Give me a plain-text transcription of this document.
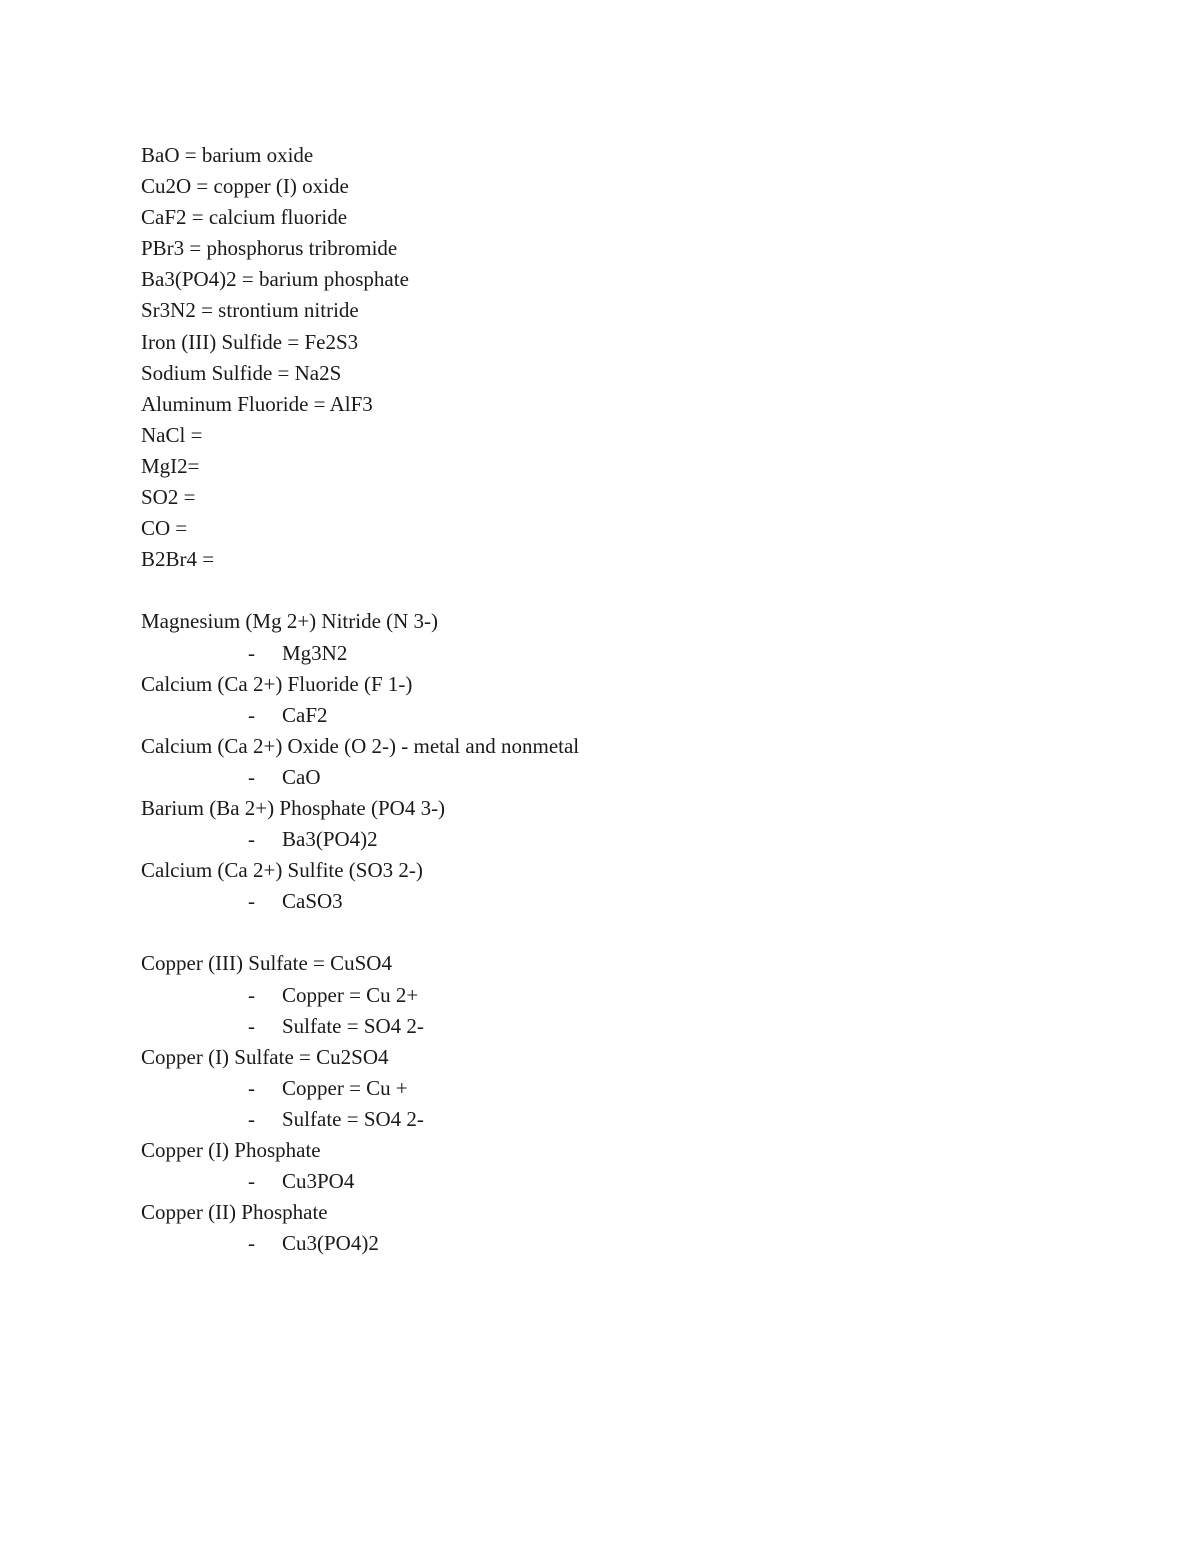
BaO = barium oxide
Cu2O = copper (I) oxide
CaF2 = calcium fluoride
PBr3 = phosphorus tribromide
Ba3(PO4)2 = barium phosphate
Sr3N2 = strontium nitride
Iron (III) Sulfide = Fe2S3
Sodium Sulfide = Na2S
Aluminum Fluoride = AlF3
NaCl =
MgI2=
SO2 =
CO =
B2Br4 =
Magnesium (Mg 2+) Nitride (N 3-)

-

Mg3N2

Calcium (Ca 2+) Fluoride (F 1-)

-

CaF2

Calcium (Ca 2+) Oxide (O 2-) - metal and nonmetal

-

CaO

Barium (Ba 2+) Phosphate (PO4 3-)

-

Ba3(PO4)2

Calcium (Ca 2+) Sulfite (SO3 2-)

-

CaSO3

Copper (III) Sulfate = CuSO4

-

Copper = Cu 2+

-

Sulfate = SO4 2-

Copper (I) Sulfate = Cu2SO4

-

Copper = Cu +

-

Sulfate = SO4 2-

Copper (I) Phosphate

-

Cu3PO4

Copper (II) Phosphate

-

Cu3(PO4)2
